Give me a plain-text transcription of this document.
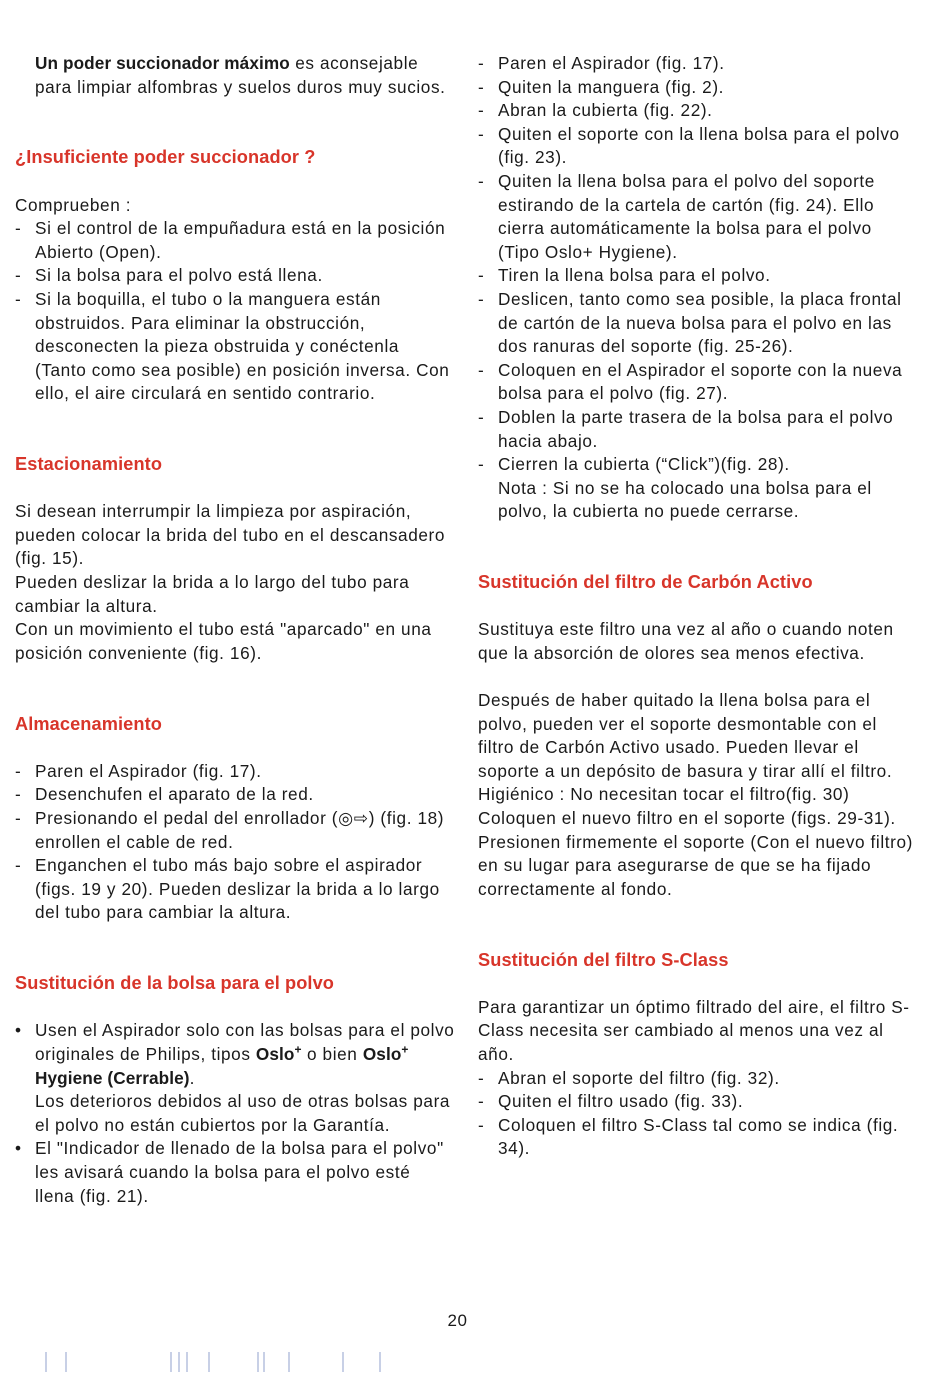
Un poder succionador máximo es aconsejable para limpiar alfombras y suelos duros muy sucios.

¿Insuficiente poder succionador ?

Comprueben :

- Si el control de la empuñadura está en la posición Abierto (Open).
- Si la bolsa para el polvo está llena.
- Si la boquilla, el tubo o la manguera están obstruidos. Para eliminar la obstrucción, desconecten la pieza obstruida y conéctenla (Tanto como sea posible) en posición inversa. Con ello, el aire circulará en sentido contrario.

Estacionamiento

Si desean interrumpir la limpieza por aspiración, pueden colocar la brida del tubo en el descansadero (fig. 15).

Pueden deslizar la brida a lo largo del tubo para cambiar la altura.

Con un movimiento el tubo está "aparcado" en una posición conveniente (fig. 16).

Almacenamiento

- Paren el Aspirador (fig. 17).
- Desenchufen el aparato de la red.
- Presionando el pedal del enrollador (◎⇨) (fig. 18) enrollen el cable de red.
- Enganchen el tubo más bajo sobre el aspirador (figs. 19 y 20). Pueden deslizar la brida a lo largo del tubo para cambiar la altura.

Sustitución de la bolsa para el polvo

• Usen el Aspirador solo con las bolsas para el polvo originales de Philips, tipos Oslo+ o bien Oslo+ Hygiene (Cerrable).
Los deterioros debidos al uso de otras bolsas para el polvo no están cubiertos por la Garantía.
• El "Indicador de llenado de la bolsa para el polvo" les avisará cuando la bolsa para el polvo esté llena (fig. 21).
- Paren el Aspirador (fig. 17).
- Quiten la manguera (fig. 2).
- Abran la cubierta (fig. 22).
- Quiten el soporte con la llena bolsa para el polvo (fig. 23).
- Quiten la llena bolsa para el polvo del soporte estirando de la cartela de cartón (fig. 24). Ello cierra automáticamente la bolsa para el polvo (Tipo Oslo+ Hygiene).
- Tiren la llena bolsa para el polvo.
- Deslicen, tanto como sea posible, la placa frontal de cartón de la nueva bolsa para el polvo en las dos ranuras del soporte (fig. 25-26).
- Coloquen en el Aspirador el soporte con la nueva bolsa para el polvo (fig. 27).
- Doblen la parte trasera de la bolsa para el polvo hacia abajo.
- Cierren la cubierta (“Click”)(fig. 28).

Nota : Si no se ha colocado una bolsa para el polvo, la cubierta no puede cerrarse.

Sustitución del filtro de Carbón Activo

Sustituya este filtro una vez al año o cuando noten que la absorción de olores sea menos efectiva.

Después de haber quitado la llena bolsa para el polvo, pueden ver el soporte desmontable con el filtro de Carbón Activo usado. Pueden llevar el soporte a un depósito de basura y tirar allí el filtro.

Higiénico : No necesitan tocar el filtro(fig. 30)

Coloquen el nuevo filtro en el soporte (figs. 29-31).

Presionen firmemente el soporte (Con el nuevo filtro) en su lugar para asegurarse de que se ha fijado correctamente al fondo.

Sustitución del filtro S-Class

Para garantizar un óptimo filtrado del aire, el filtro S-Class necesita ser cambiado al menos una vez al año.

- Abran el soporte del filtro (fig. 32).
- Quiten el filtro usado (fig. 33).
- Coloquen el filtro S-Class tal como se indica (fig. 34).
20
